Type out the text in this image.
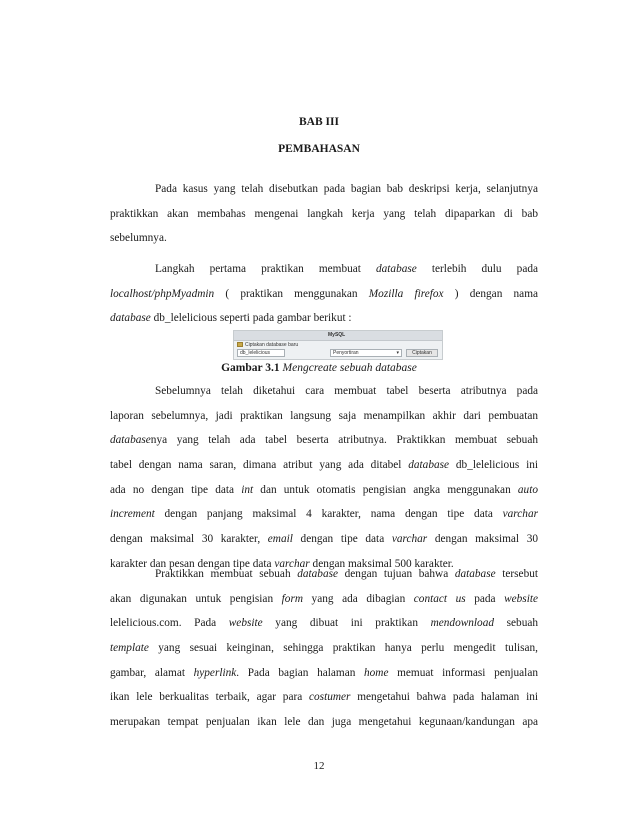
BAB III
PEMBAHASAN
Pada kasus yang telah disebutkan pada bagian bab deskripsi kerja, selanjutnya
praktikkan akan membahas mengenai langkah kerja yang telah dipaparkan di bab
sebelumnya.
Langkah pertama praktikan membuat database terlebih dulu pada
localhost/phpMyadmin ( praktikan menggunakan Mozilla firefox ) dengan nama
database db_lelelicious seperti pada gambar berikut :
MySQL
Ciptakan database baru
db_lelelicious	Penyortiran	▾	Ciptakan
Gambar 3.1 Mengcreate sebuah database
Sebelumnya telah diketahui cara membuat tabel beserta atributnya pada
laporan sebelumnya, jadi praktikan langsung saja menampilkan akhir dari pembuatan
databasenya yang telah ada tabel beserta atributnya. Praktikkan membuat sebuah
tabel dengan nama saran, dimana atribut yang ada ditabel database db_lelelicious ini
ada no dengan tipe data int dan untuk otomatis pengisian angka menggunakan auto
increment dengan panjang maksimal 4 karakter, nama dengan tipe data varchar
dengan maksimal 30 karakter, email dengan tipe data varchar dengan maksimal 30
karakter dan pesan dengan tipe data varchar dengan maksimal 500 karakter.
Praktikkan membuat sebuah database dengan tujuan bahwa database tersebut
akan digunakan untuk pengisian form yang ada dibagian contact us pada website
lelelicious.com. Pada website yang dibuat ini praktikan mendownload sebuah
template yang sesuai keinginan, sehingga praktikan hanya perlu mengedit tulisan,
gambar, alamat hyperlink. Pada bagian halaman home memuat informasi penjualan
ikan lele berkualitas terbaik, agar para costumer mengetahui bahwa pada halaman ini
merupakan tempat penjualan ikan lele dan juga mengetahui kegunaan/kandungan apa
12
